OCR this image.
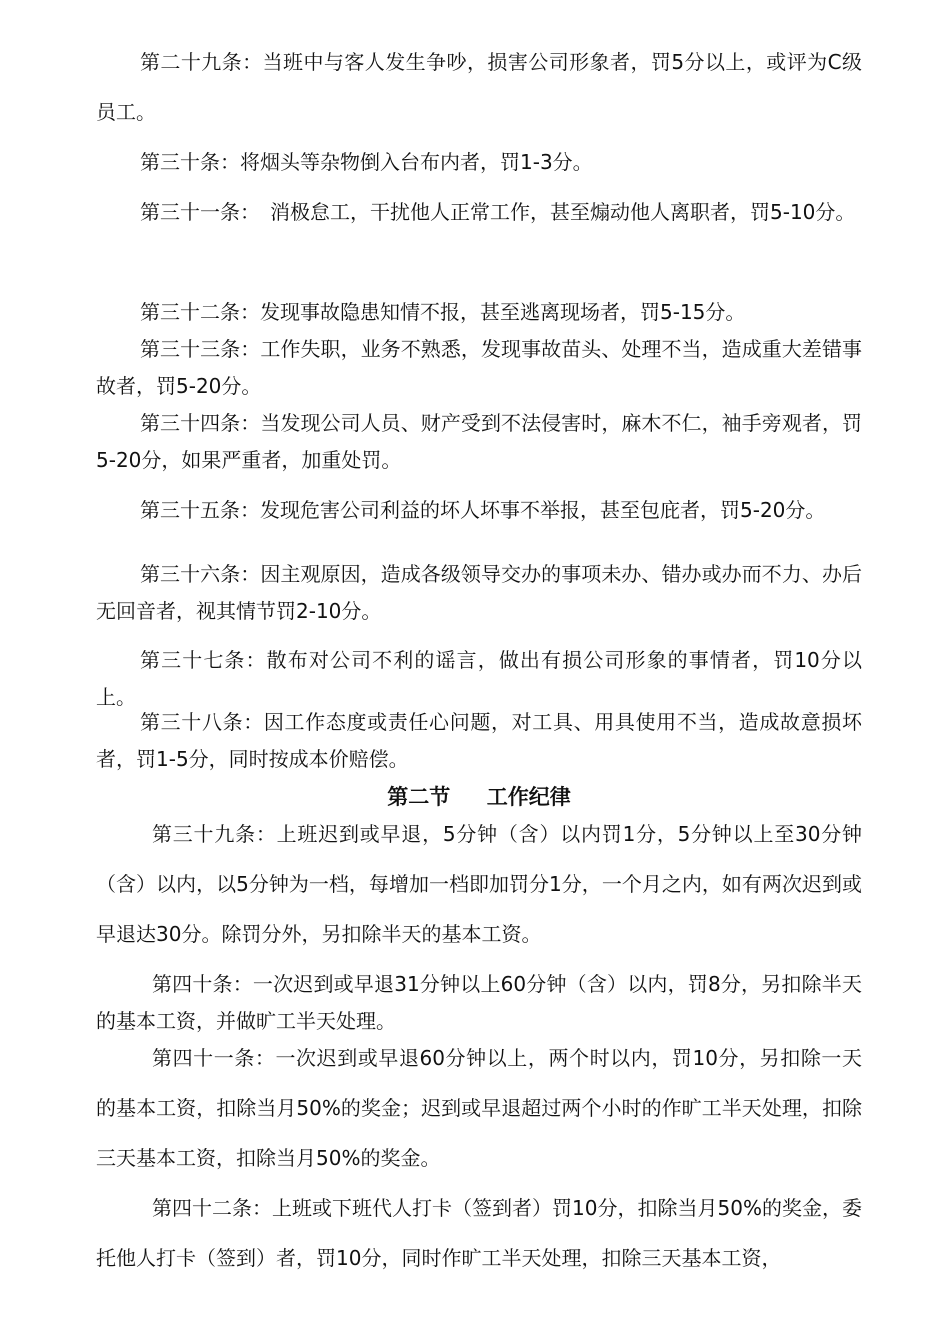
第二十九条：当班中与客人发生争吵，损害公司形象者，罚5分以上，或评为C级员工。

第三十条：将烟头等杂物倒入台布内者，罚1-3分。

第三十一条：　消极怠工，干扰他人正常工作，甚至煽动他人离职者，罚5-10分。

第三十二条：发现事故隐患知情不报，甚至逃离现场者，罚5-15分。

第三十三条：工作失职，业务不熟悉，发现事故苗头、处理不当，造成重大差错事故者，罚5-20分。

第三十四条：当发现公司人员、财产受到不法侵害时，麻木不仁，袖手旁观者，罚5-20分，如果严重者，加重处罚。

第三十五条：发现危害公司利益的坏人坏事不举报，甚至包庇者，罚5-20分。

第三十六条：因主观原因，造成各级领导交办的事项未办、错办或办而不力、办后无回音者，视其情节罚2-10分。

第三十七条：散布对公司不利的谣言，做出有损公司形象的事情者，罚10分以上。

第三十八条：因工作态度或责任心问题，对工具、用具使用不当，造成故意损坏者，罚1-5分，同时按成本价赔偿。

第二节 工作纪律

第三十九条：上班迟到或早退，5分钟（含）以内罚1分，5分钟以上至30分钟（含）以内，以5分钟为一档，每增加一档即加罚分1分，一个月之内，如有两次迟到或早退达30分。除罚分外，另扣除半天的基本工资。

第四十条：一次迟到或早退31分钟以上60分钟（含）以内，罚8分，另扣除半天的基本工资，并做旷工半天处理。

第四十一条：一次迟到或早退60分钟以上，两个时以内，罚10分，另扣除一天的基本工资，扣除当月50%的奖金；迟到或早退超过两个小时的作旷工半天处理，扣除三天基本工资，扣除当月50%的奖金。

第四十二条：上班或下班代人打卡（签到者）罚10分，扣除当月50%的奖金，委托他人打卡（签到）者，罚10分，同时作旷工半天处理，扣除三天基本工资，
